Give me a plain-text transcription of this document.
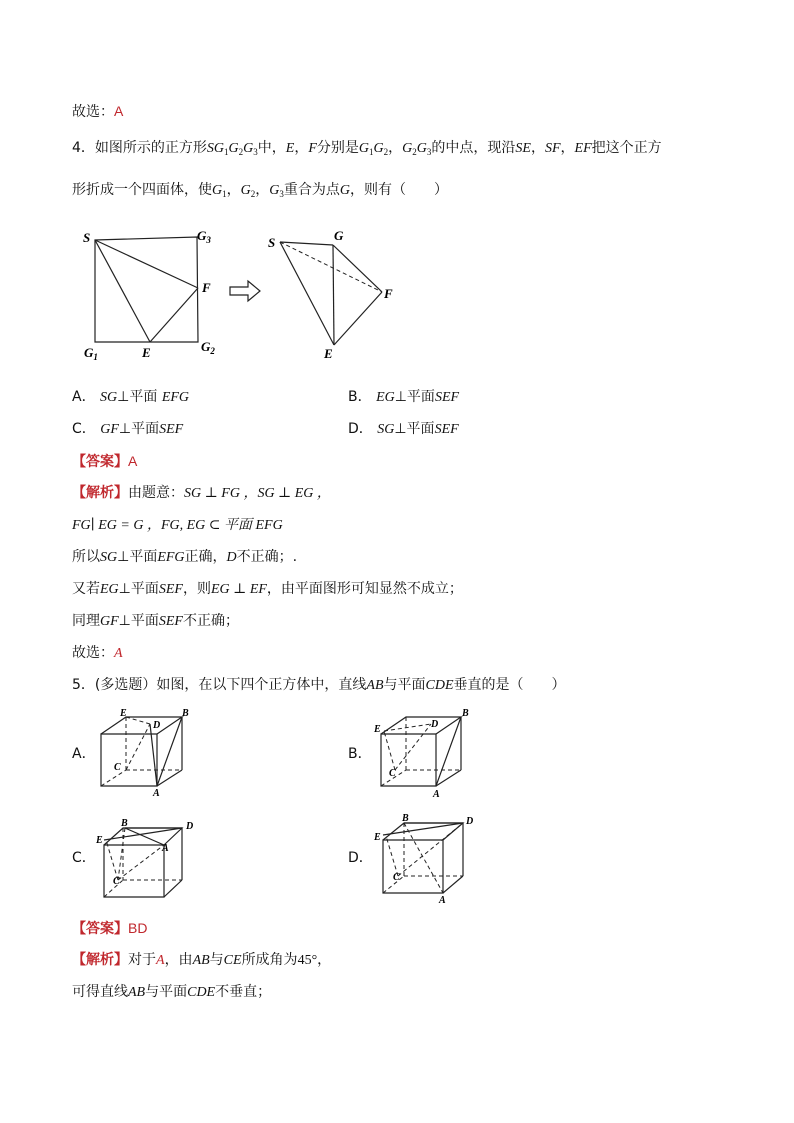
故选：A
4．如图所示的正方形$SG_1G_2G_3$中，E，F分别是$G_1G_2$，$G_2G_3$的中点，现沿SE，SF，EF把这个正方
形折成一个四面体，使$G_1$，$G_2$，$G_3$重合为点G，则有（　　）
S	$G_3$
F
$G_1$	E	$G_2$
S	G
F
E
A． SG⊥平面 EFG	B． EG⊥平面SEF
C． GF⊥平面SEF	D． SG⊥平面SEF
【答案】A
【解析】由题意：SG ⊥ FG ，SG ⊥ EG ，
FG∣ EG = G ，FG, EG ⊂ 平面 EFG
所以SG⊥平面EFG正确，D不正确；.
又若EG⊥平面SEF，则EG ⊥ EF，由平面图形可知显然不成立；
同理GF⊥平面SEF不正确；
故选：A
5．(多选题）如图，在以下四个正方体中，直线AB与平面CDE垂直的是（　　）
A．	B．
C．	D．
E
D
B
C
A
E	D
B
C
A
B	D
E
A
C
B	D
E
C
A
【答案】BD
【解析】对于A，由AB与CE所成角为45°，
可得直线AB与平面CDE不垂直；
